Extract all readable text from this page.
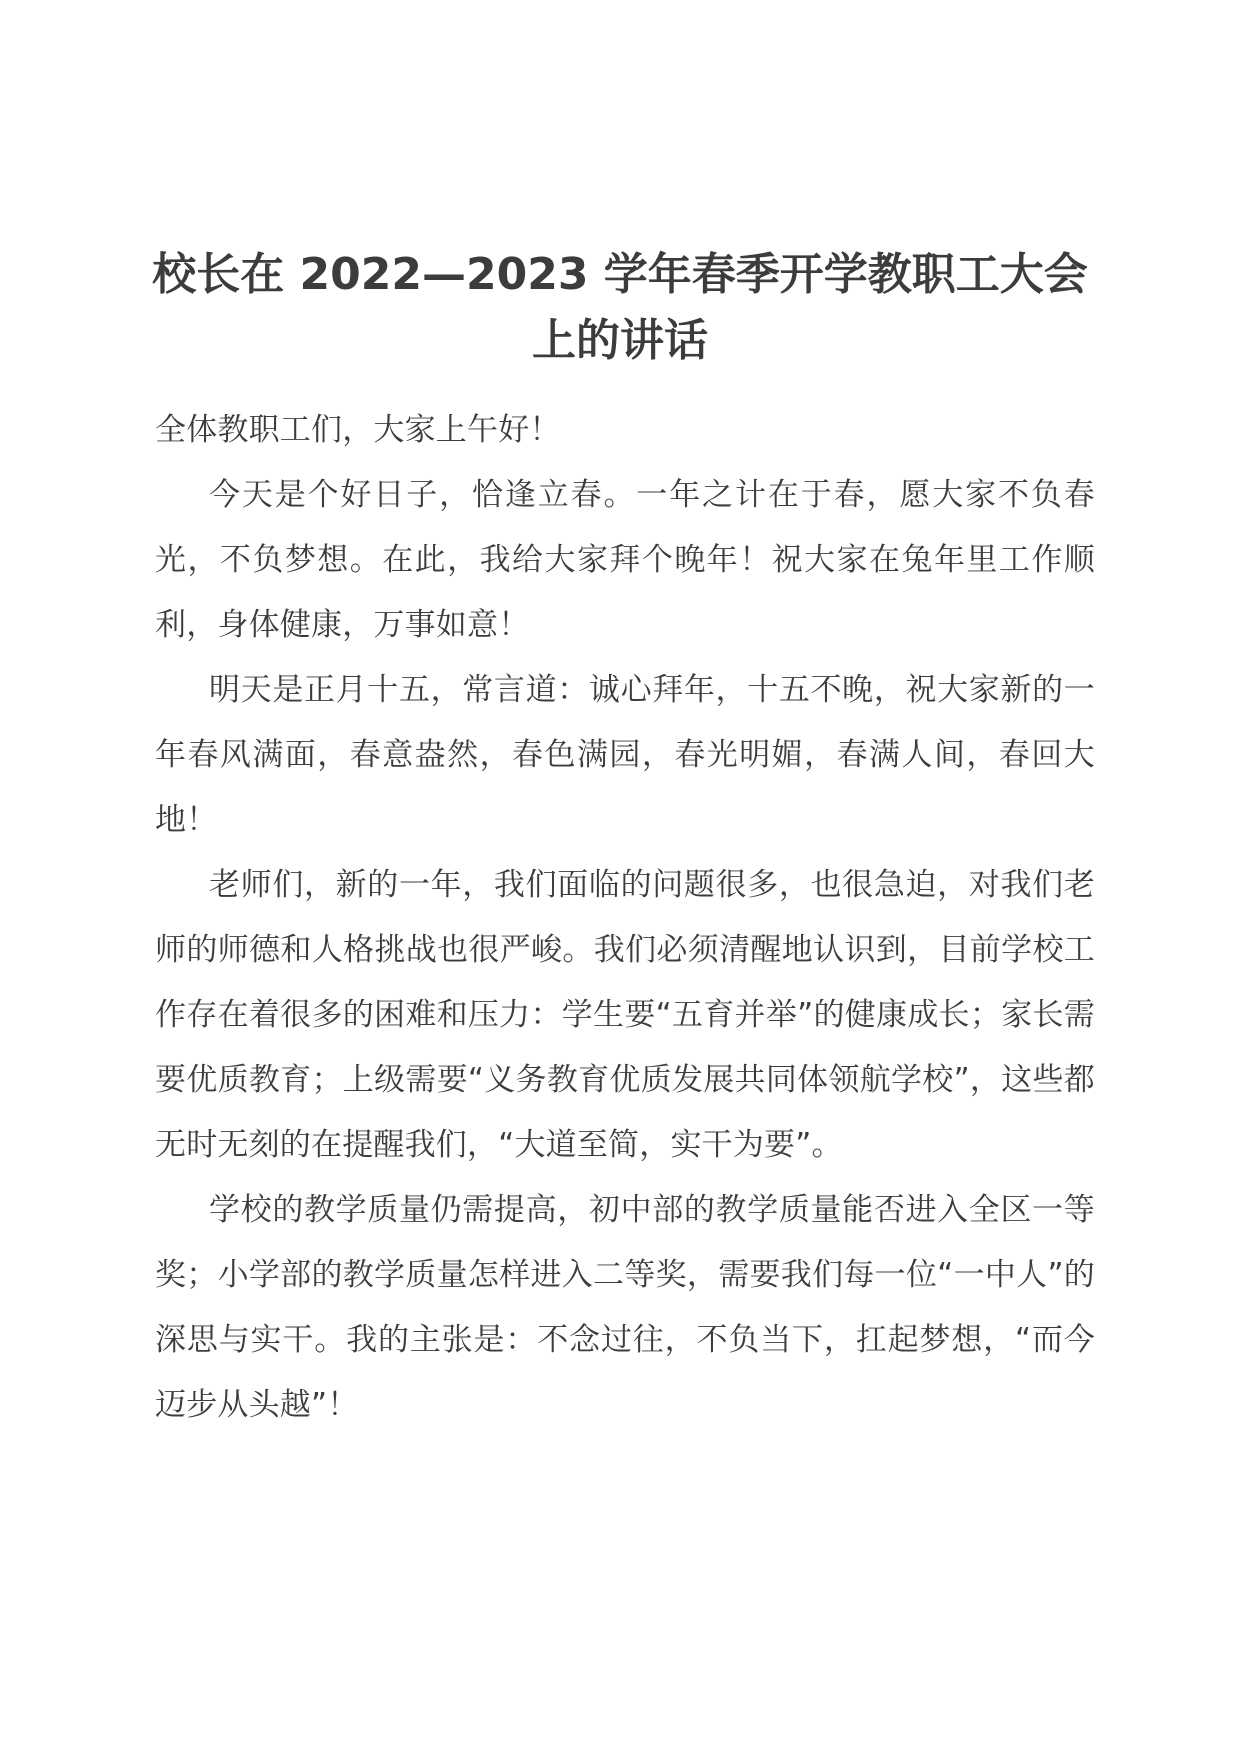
校长在 2022—2023 学年春季开学教职工大会上的讲话

全体教职工们，大家上午好！

今天是个好日子，恰逢立春。一年之计在于春，愿大家不负春光，不负梦想。在此，我给大家拜个晚年！祝大家在兔年里工作顺利，身体健康，万事如意！

明天是正月十五，常言道：诚心拜年，十五不晚，祝大家新的一年春风满面，春意盎然，春色满园，春光明媚，春满人间，春回大地！

老师们，新的一年，我们面临的问题很多，也很急迫，对我们老师的师德和人格挑战也很严峻。我们必须清醒地认识到，目前学校工作存在着很多的困难和压力：学生要“五育并举”的健康成长；家长需要优质教育；上级需要“义务教育优质发展共同体领航学校”，这些都无时无刻的在提醒我们，“大道至简，实干为要”。

学校的教学质量仍需提高，初中部的教学质量能否进入全区一等奖；小学部的教学质量怎样进入二等奖，需要我们每一位“一中人”的深思与实干。我的主张是：不念过往，不负当下，扛起梦想，“而今迈步从头越”！
